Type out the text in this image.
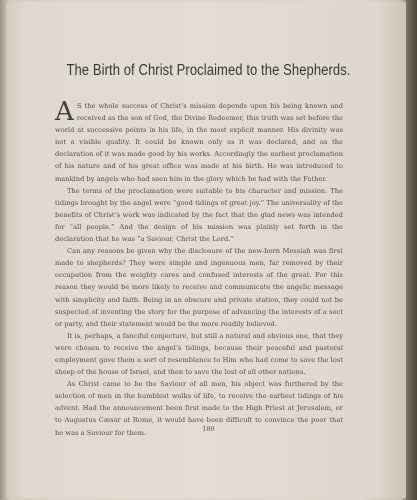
The Birth of Christ Proclaimed to the Shepherds.

A S the whole success of Christ’s mission depends upon his being known and received as the son of God, the Divine Redeemer, this truth was set before the world at successive points in his life, in the most explicit manner. His divinity was not a visible quality. It could be known only as it was declared, and as the declaration of it was made good by his works. Accordingly the earliest proclamation of his nature and of his great office was made at his birth. He was introduced to mankind by angels who had seen him in the glory which he had with the Father.

The terms of the proclamation were suitable to his character and mission. The tidings brought by the angel were “good tidings of great joy.” The universality of the benefits of Christ’s work was indicated by the fact that the glad news was intended for “all people.” And the design of his mission was plainly set forth in the declaration that he was “a Saviour, Christ the Lord.”

Can any reasons be given why the disclosure of the new-born Messiah was first made to shepherds? They were simple and ingenuous men, far removed by their occupation from the weighty cares and confused interests of the great. For this reason they would be more likely to receive and communicate the angelic message with simplicity and faith. Being in an obscure and private station, they could not be suspected of inventing the story for the purpose of advancing the interests of a sect or party, and their statement would be the more readily believed.

It is, perhaps, a fanciful conjecture, but still a natural and obvious one, that they were chosen to receive the angel’s tidings, because their peaceful and pastoral employment gave them a sort of resemblance to Him who had come to save the lost sheep of the house of Israel, and then to save the lost of all other nations.

As Christ came to be the Saviour of all men, his object was furthered by the selection of men in the humblest walks of life, to receive the earliest tidings of his advent. Had the announcement been first made to the High Priest at Jerusalem, or to Augustus Cæsar at Rome, it would have been difficult to convince the poor that he was a Saviour for them.	180
